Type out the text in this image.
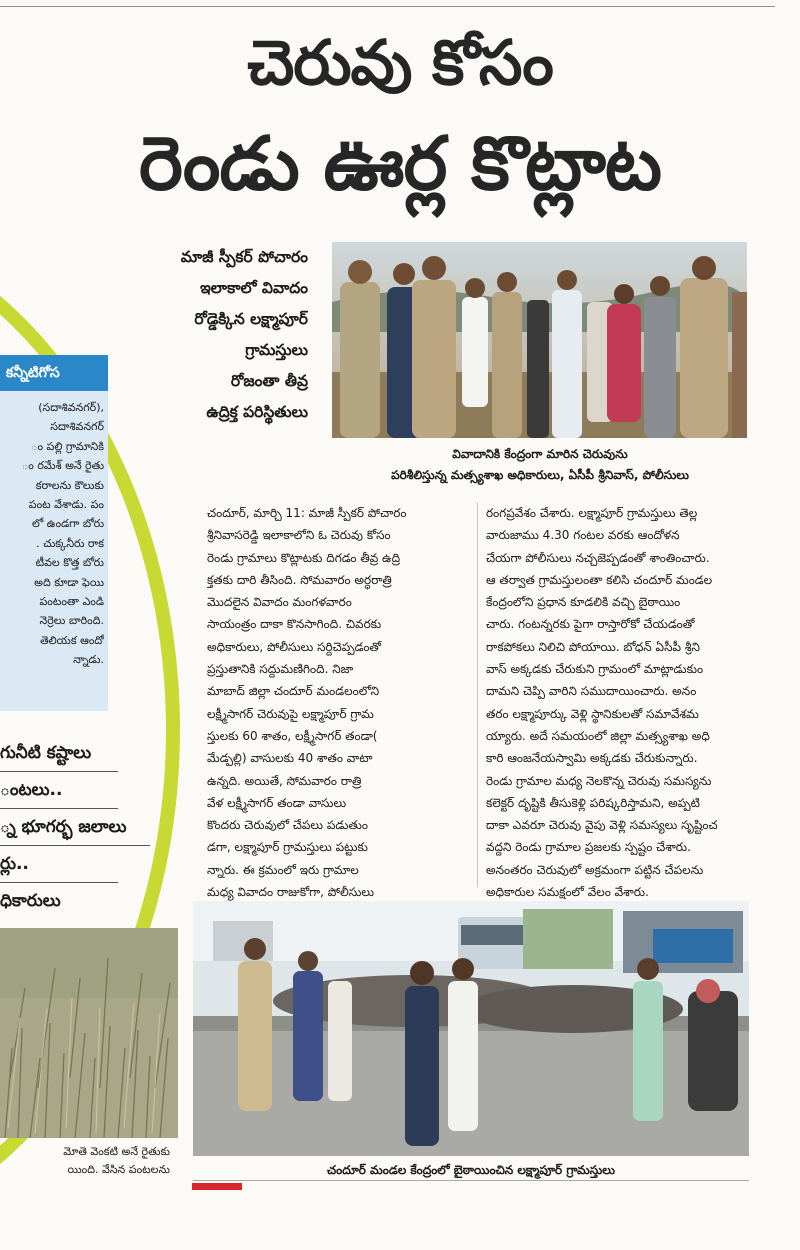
చెరువు కోసం
రెండు ఊర్ల కొట్లాట
కన్నీటిగోస
(సదాశివనగర్),
సదాశివనగర్
ం పల్లి గ్రామానికి
ం రమేశ్ అనే రైతు
కరాలను కౌలుకు
పంట వేశాడు. పం
లో ఉండగా బోరు
. చుక్కనీరు రాక
టీవల కొత్త బోరు
అది కూడా ఫెయి
పంటంతా ఎండి
నెర్రెలు బారింది.
తెలియక ఆందో
న్నాడు.
గునీటి కష్టాలు
ంటలు..
్న భూగర్భ జలాలు
ర్లు..
ధికారులు
మోతె వెంకటి అనే రైతుకు
యింది. వేసిన పంటలను
మాజీ స్పీకర్ పోచారం
ఇలాకాలో వివాదం
రోడ్డెక్కిన లక్ష్మాపూర్
గ్రామస్తులు
రోజంతా తీవ్ర
ఉద్రిక్త పరిస్థితులు
వివాదానికి కేంద్రంగా మారిన చెరువును
పరిశీలిస్తున్న మత్స్యశాఖ అధికారులు, ఏసీపీ శ్రీనివాస్, పోలీసులు
చందూర్, మార్చి 11: మాజీ స్పీకర్ పోచారం
శ్రీనివాసరెడ్డి ఇలాకాలోని ఓ చెరువు కోసం
రెండు గ్రామాలు కొట్లాటకు దిగడం తీవ్ర ఉద్రి
క్తతకు దారి తీసింది. సోమవారం అర్ధరాత్రి
మొదలైన వివాదం మంగళవారం
సాయంత్రం దాకా కొనసాగింది. చివరకు
అధికారులు, పోలీసులు సర్దిచెప్పడంతో
ప్రస్తుతానికి సద్దుమణిగింది. నిజా
మాబాద్ జిల్లా చందూర్ మండలంలోని
లక్ష్మీసాగర్ చెరువుపై లక్ష్మాపూర్ గ్రామ
స్తులకు 60 శాతం, లక్ష్మీసాగర్ తండా(
మేడ్పల్లి) వాసులకు 40 శాతం వాటా
ఉన్నది. అయితే, సోమవారం రాత్రి
వేళ లక్ష్మీసాగర్ తండా వాసులు
కొందరు చెరువులో చేపలు పడుతుం
డగా, లక్ష్మాపూర్ గ్రామస్తులు పట్టుకు
న్నారు. ఈ క్రమంలో ఇరు గ్రామాల
మధ్య వివాదం రాజుకోగా, పోలీసులు
రంగప్రవేశం చేశారు. లక్ష్మాపూర్ గ్రామస్తులు తెల్ల
వారుజాము 4.30 గంటల వరకు ఆందోళన
చేయగా పోలీసులు నచ్చజెప్పడంతో శాంతించారు.
ఆ తర్వాత గ్రామస్తులంతా కలిసి చందూర్ మండల
కేంద్రంలోని ప్రధాన కూడలికి వచ్చి బైఠాయిం
చారు. గంటన్నరకు పైగా రాస్తారోకో చేయడంతో
రాకపోకలు నిలిచి పోయాయి. బోధన్ ఏసీపీ శ్రీని
వాస్ అక్కడకు చేరుకుని గ్రామంలో మాట్లాడుకుం
దామని చెప్పి వారిని సముదాయించారు. అనం
తరం లక్ష్మాపూర్కు వెళ్లి స్థానికులతో సమావేశమ
య్యారు. అదే సమయంలో జిల్లా మత్స్యశాఖ అధి
కారి ఆంజనేయస్వామి అక్కడకు చేరుకున్నారు.
రెండు గ్రామాల మధ్య నెలకొన్న చెరువు సమస్యను
కలెక్టర్ దృష్టికి తీసుకెళ్లి పరిష్కరిస్తామని, అప్పటి
దాకా ఎవరూ చెరువు వైపు వెళ్లి సమస్యలు సృష్టించ
వద్దని రెండు గ్రామాల ప్రజలకు స్పష్టం చేశారు.
అనంతరం చెరువులో అక్రమంగా పట్టిన చేపలను
అధికారుల సమక్షంలో వేలం వేశారు.
చందూర్ మండల కేంద్రంలో బైఠాయించిన లక్ష్మాపూర్ గ్రామస్తులు
